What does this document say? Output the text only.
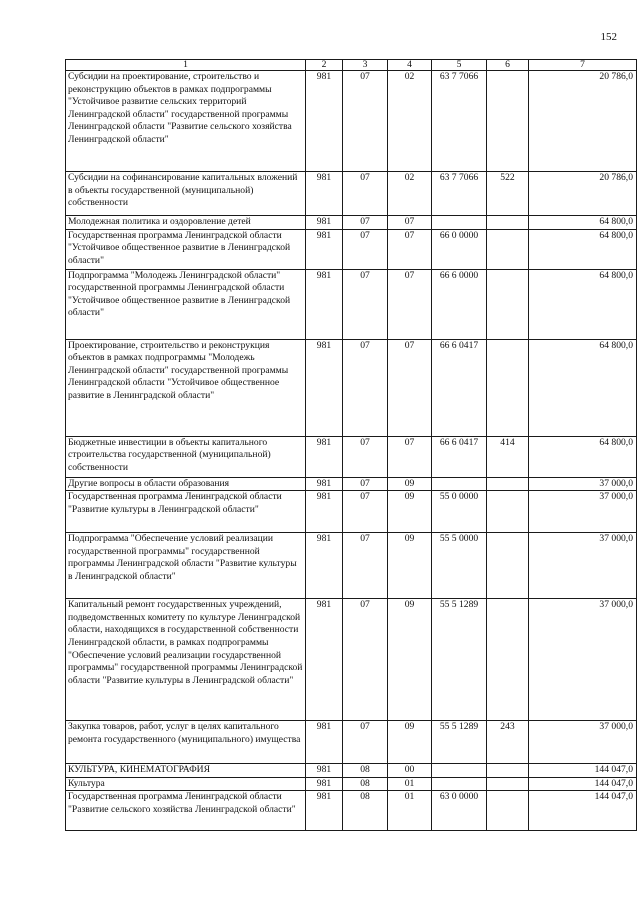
152
1	2	3	4	5	6	7
Субсидии на проектирование, строительство и реконструкцию объектов в рамках подпрограммы "Устойчивое развитие сельских территорий Ленинградской области" государственной программы Ленинградской области "Развитие сельского хозяйства Ленинградской области"	981	07	02	63 7 7066		20 786,0
Субсидии на софинансирование капитальных вложений в объекты государственной (муниципальной) собственности	981	07	02	63 7 7066	522	20 786,0
Молодежная политика и оздоровление детей	981	07	07			64 800,0
Государственная программа Ленинградской области "Устойчивое общественное развитие в Ленинградской области"	981	07	07	66 0 0000		64 800,0
Подпрограмма "Молодежь Ленинградской области" государственной программы Ленинградской области "Устойчивое общественное развитие в Ленинградской области"	981	07	07	66 6 0000		64 800,0
Проектирование, строительство и реконструкция объектов в рамках подпрограммы "Молодежь Ленинградской области" государственной программы Ленинградской области "Устойчивое общественное развитие в Ленинградской области"	981	07	07	66 6 0417		64 800,0
Бюджетные инвестиции в объекты капитального строительства государственной (муниципальной) собственности	981	07	07	66 6 0417	414	64 800,0
Другие вопросы в области образования	981	07	09			37 000,0
Государственная программа Ленинградской области "Развитие культуры в Ленинградской области"	981	07	09	55 0 0000		37 000,0
Подпрограмма "Обеспечение условий реализации государственной программы" государственной программы Ленинградской области "Развитие культуры в Ленинградской области"	981	07	09	55 5 0000		37 000,0
Капитальный ремонт государственных учреждений, подведомственных комитету по культуре Ленинградской области, находящихся в государственной собственности Ленинградской области, в рамках подпрограммы "Обеспечение условий реализации государственной программы" государственной программы Ленинградской области "Развитие культуры в Ленинградской области"	981	07	09	55 5 1289		37 000,0
Закупка товаров, работ, услуг в целях капитального ремонта государственного (муниципального) имущества	981	07	09	55 5 1289	243	37 000,0
КУЛЬТУРА, КИНЕМАТОГРАФИЯ	981	08	00			144 047,0
Культура	981	08	01			144 047,0
Государственная программа Ленинградской области "Развитие сельского хозяйства Ленинградской области"	981	08	01	63 0 0000		144 047,0
